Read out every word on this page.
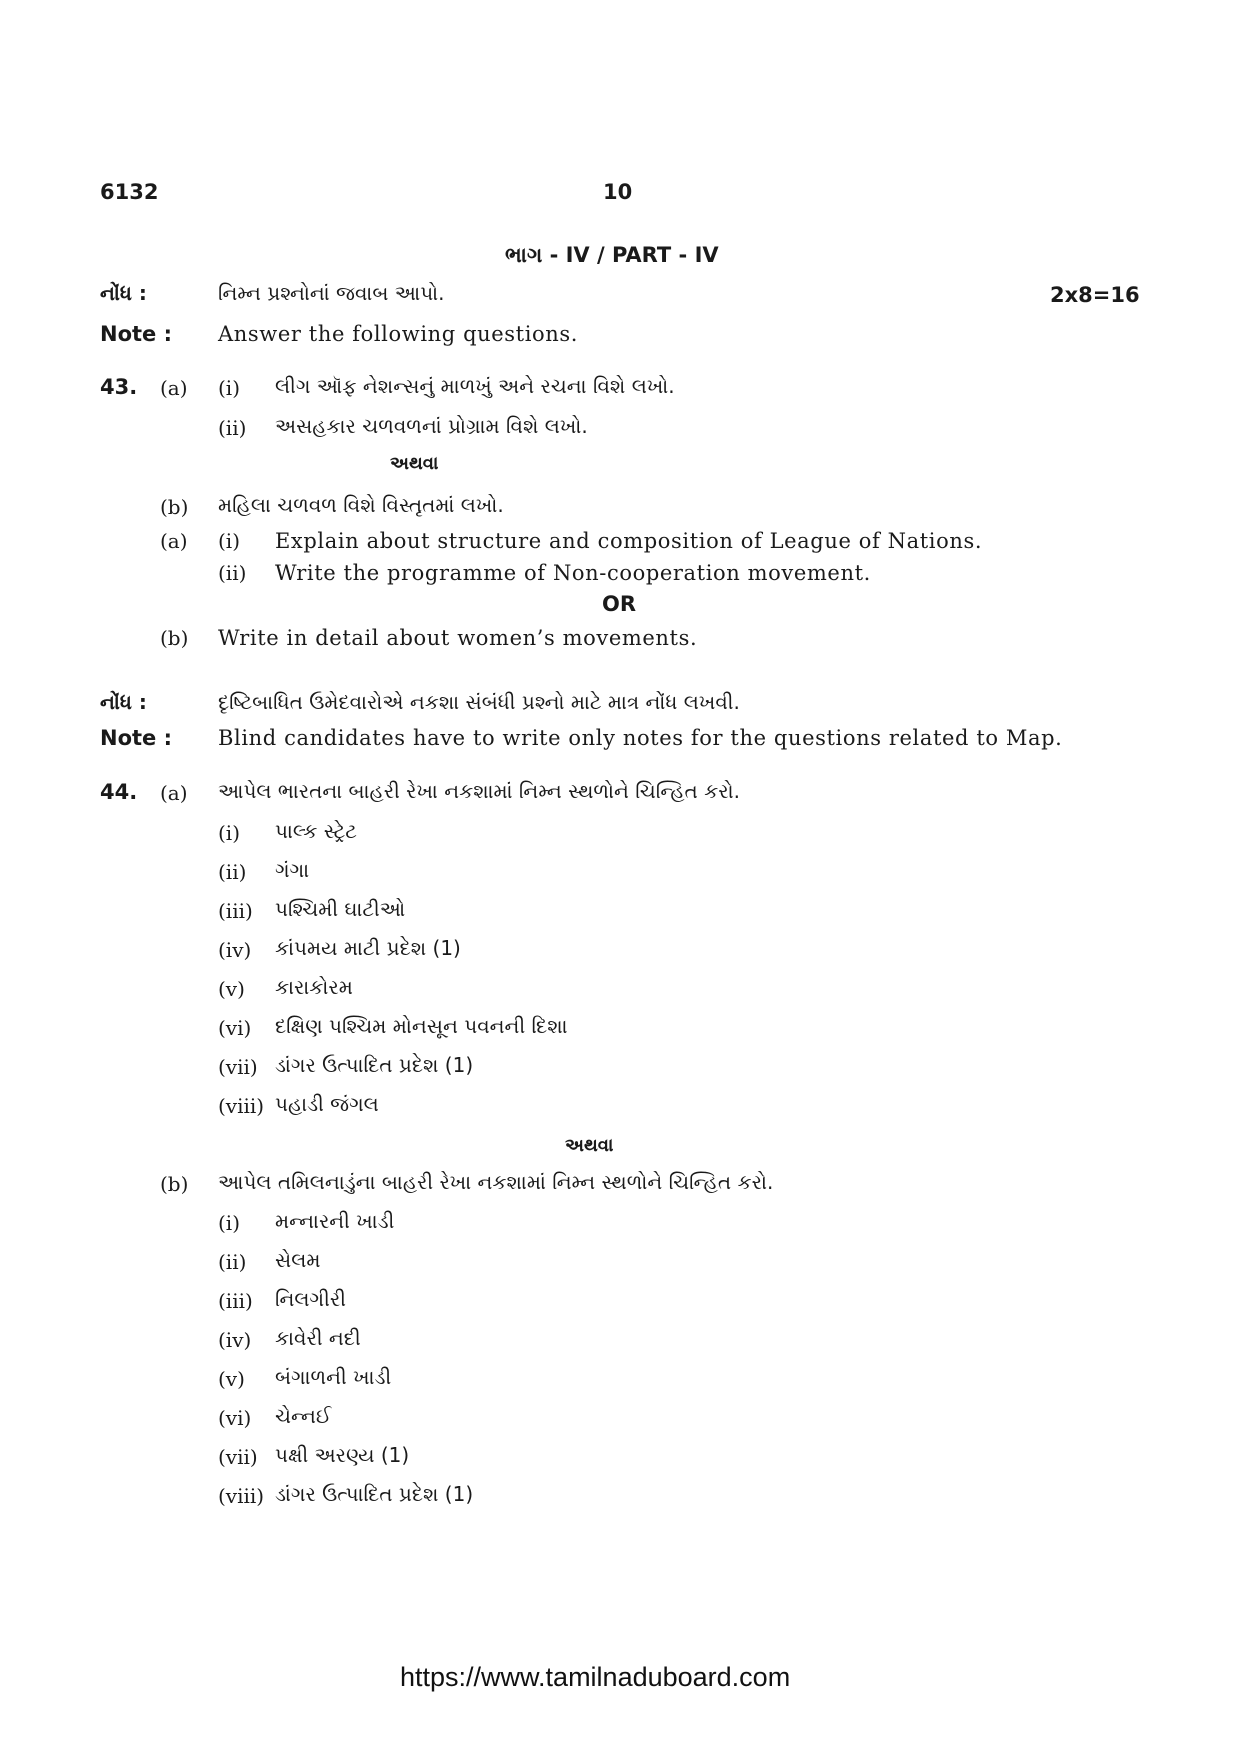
6132	10
ભાગ - IV / PART - IV
નોંધ :	નિમ્ન પ્રશ્નોનાં જવાબ આપો.	2x8=16
Note : Answer the following questions.
43. (a) (i) લીગ ઑફ નેશન્સનું માળખું અને રચના વિશે લખો.
(ii) અસહકાર ચળવળનાં પ્રોગ્રામ વિશે લખો.
અથવા
(b) મહિલા ચળવળ વિશે વિસ્તૃતમાં લખો.
(a) (i) Explain about structure and composition of League of Nations.
(ii) Write the programme of Non-cooperation movement.
OR
(b) Write in detail about women’s movements.
નોંધ :	દૃષ્ટિબાધિત ઉમેદવારોએ નકશા સંબંધી પ્રશ્નો માટે માત્ર નોંધ લખવી.
Note : Blind candidates have to write only notes for the questions related to Map.
44. (a) આપેલ ભારતના બાહરી રેખા નકશામાં નિમ્ન સ્થળોને ચિન્હિત કરો.
(i) પાલ્ક સ્ટ્રેટ
(ii) ગંગા
(iii) પશ્ચિમી ઘાટીઓ
(iv) કાંપમય માટી પ્રદેશ (1)
(v) કારાકોરમ
(vi) દક્ષિણ પશ્ચિમ મોનસૂન પવનની દિશા
(vii) ડાંગર ઉત્પાદિત પ્રદેશ (1)
(viii) પહાડી જંગલ
અથવા
(b) આપેલ તમિલનાડુંના બાહરી રેખા નકશામાં નિમ્ન સ્થળોને ચિન્હિત કરો.
(i) મન્નારની ખાડી
(ii) સેલમ
(iii) નિલગીરી
(iv) કાવેરી નદી
(v) બંગાળની ખાડી
(vi) ચેન્નઈ
(vii) પક્ષી અરણ્ય (1)
(viii) ડાંગર ઉત્પાદિત પ્રદેશ (1)
https://www.tamilnaduboard.com
